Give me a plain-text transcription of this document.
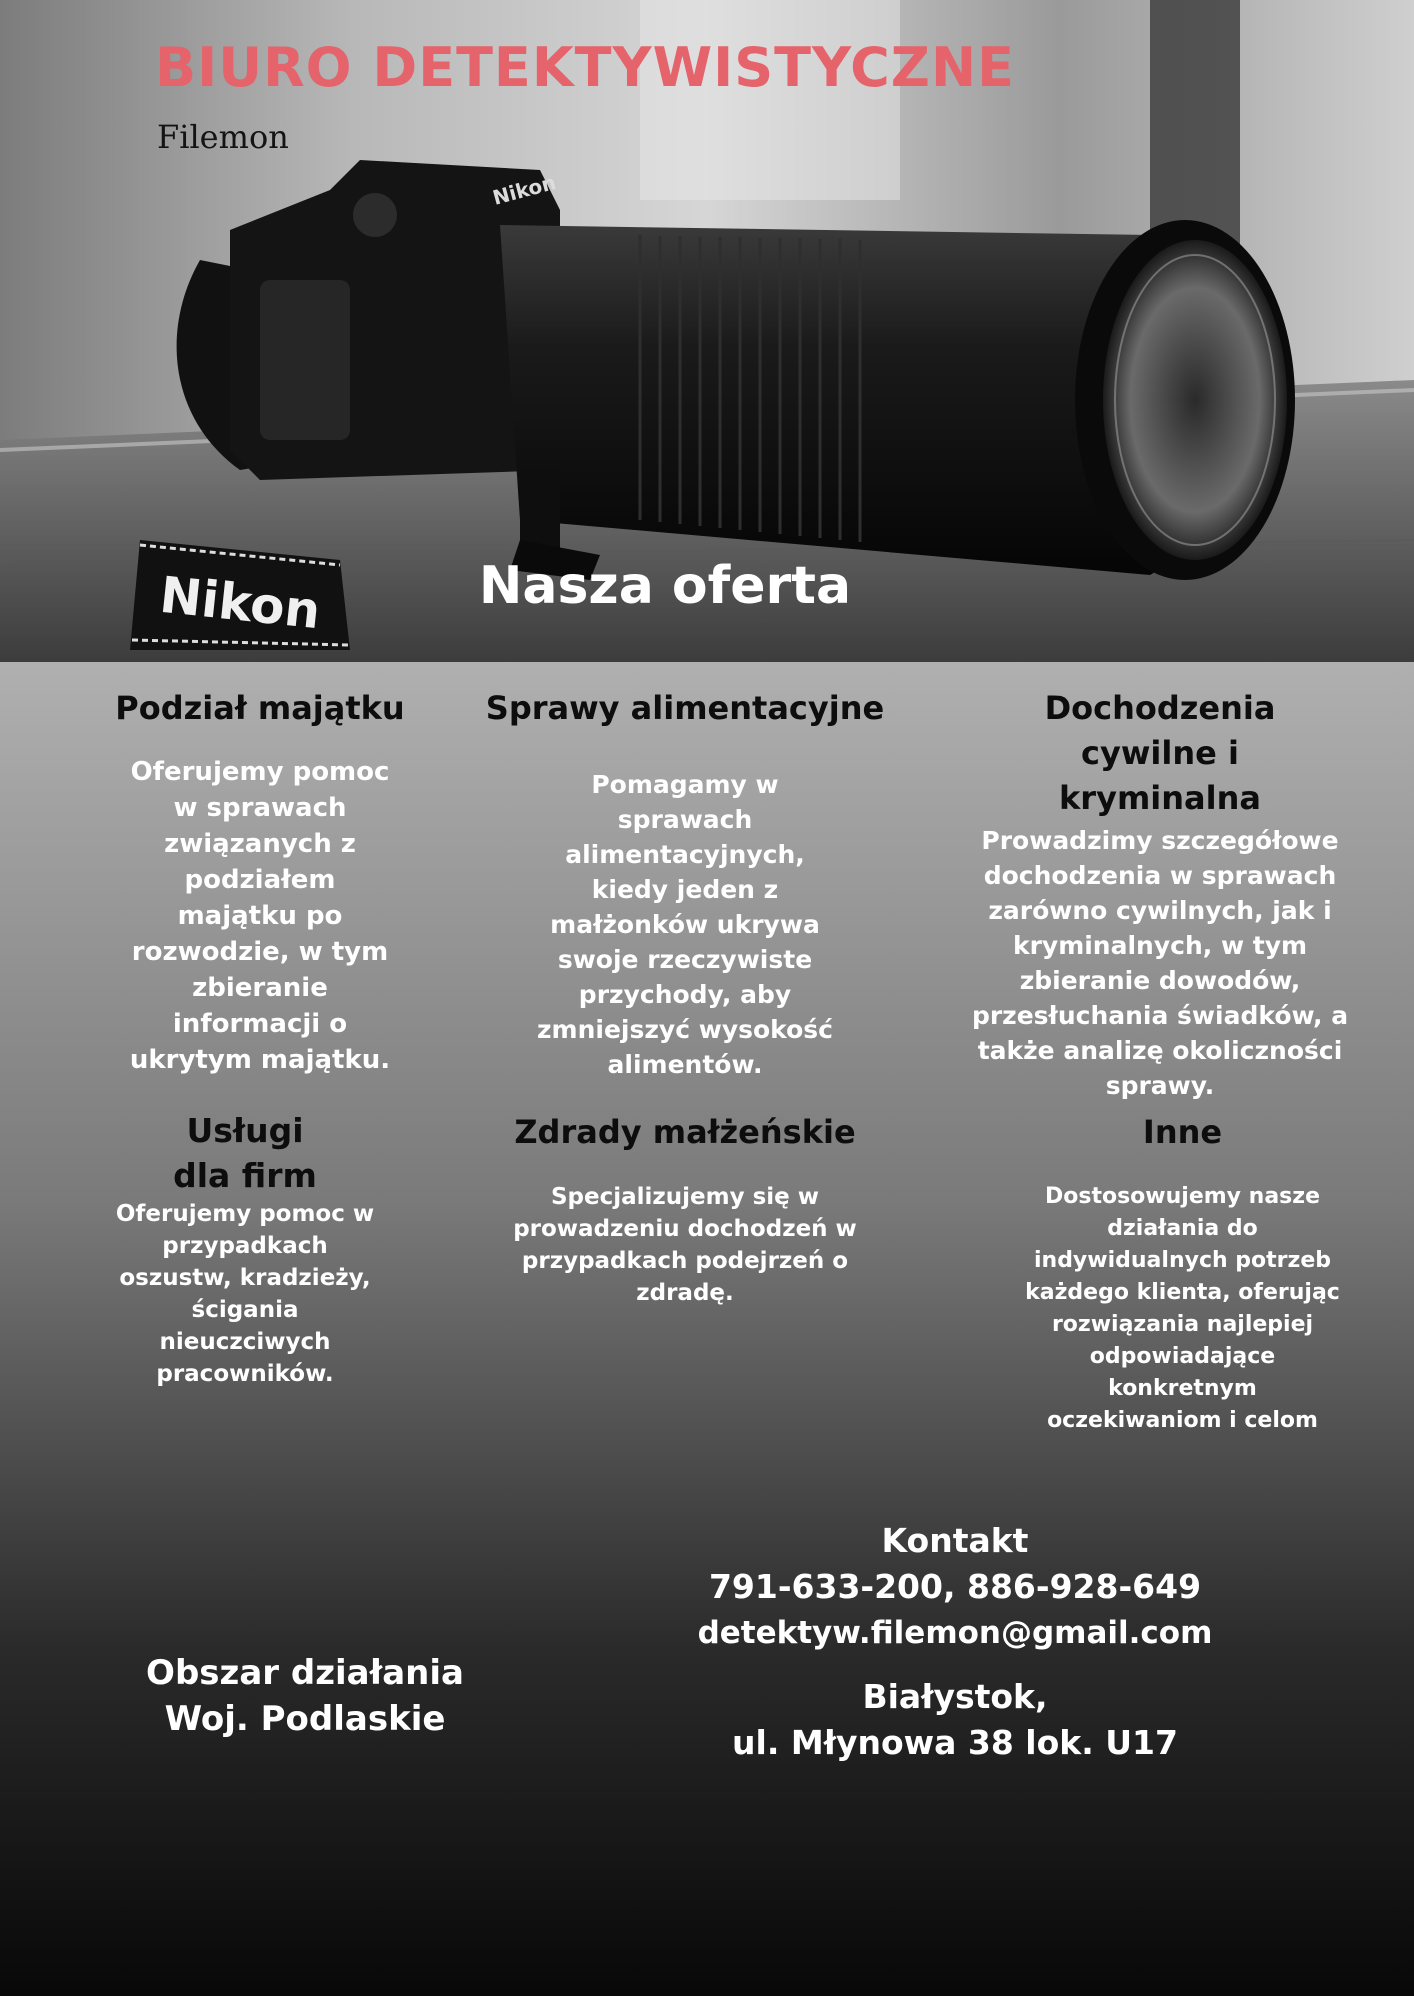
Nikon
Nikon
BIURO DETEKTYWISTYCZNE
Filemon
Nasza oferta
Podział majątku

Oferujemy pomoc w sprawach związanych z podziałem majątku po rozwodzie, w tym zbieranie informacji o ukrytym majątku.

Sprawy alimentacyjne

Pomagamy w sprawach alimentacyjnych, kiedy jeden z małżonków ukrywa swoje rzeczywiste przychody, aby zmniejszyć wysokość alimentów.

Dochodzenia cywilne i kryminalna

Prowadzimy szczegółowe dochodzenia w sprawach zarówno cywilnych, jak i kryminalnych, w tym zbieranie dowodów, przesłuchania świadków, a także analizę okoliczności sprawy.

Usługi dla firm

Oferujemy pomoc w przypadkach oszustw, kradzieży, ścigania nieuczciwych pracowników.

Zdrady małżeńskie

Specjalizujemy się w prowadzeniu dochodzeń w przypadkach podejrzeń o zdradę.

Inne

Dostosowujemy nasze działania do indywidualnych potrzeb każdego klienta, oferując rozwiązania najlepiej odpowiadające konkretnym oczekiwaniom i celom

Kontakt
791-633-200, 886-928-649
detektyw.filemon@gmail.com
Białystok,
ul. Młynowa 38 lok. U17
Obszar działania
Woj. Podlaskie
